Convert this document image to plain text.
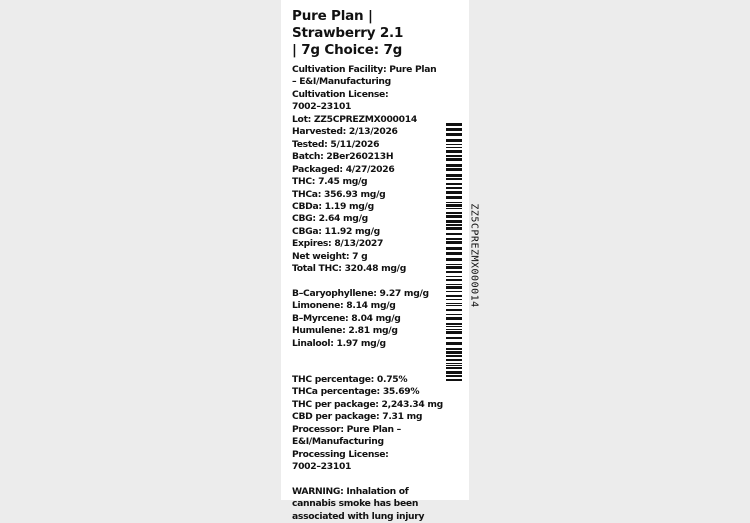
Pure Plan | Strawberry 2.1
| 7g Choice: 7g
Cultivation Facility: Pure Plan
– E&I/Manufacturing
Cultivation License:
7002–23101
Lot: ZZ5CPREZMX000014
Harvested: 2/13/2026
Tested: 5/11/2026
Batch: 2Ber260213H
Packaged: 4/27/2026
THC: 7.45 mg/g
THCa: 356.93 mg/g
CBDa: 1.19 mg/g
CBG: 2.64 mg/g
CBGa: 11.92 mg/g
Expires: 8/13/2027
Net weight: 7 g
Total THC: 320.48 mg/g
B–Caryophyllene: 9.27 mg/g
Limonene: 8.14 mg/g
B–Myrcene: 8.04 mg/g
Humulene: 2.81 mg/g
Linalool: 1.97 mg/g
THC percentage: 0.75%
THCa percentage: 35.69%
THC per package: 2,243.34 mg
CBD per package: 7.31 mg
Processor: Pure Plan –
E&I/Manufacturing
Processing License:
7002–23101
WARNING: Inhalation of
cannabis smoke has been
associated with lung injury
ZZ5CPREZMX000014
